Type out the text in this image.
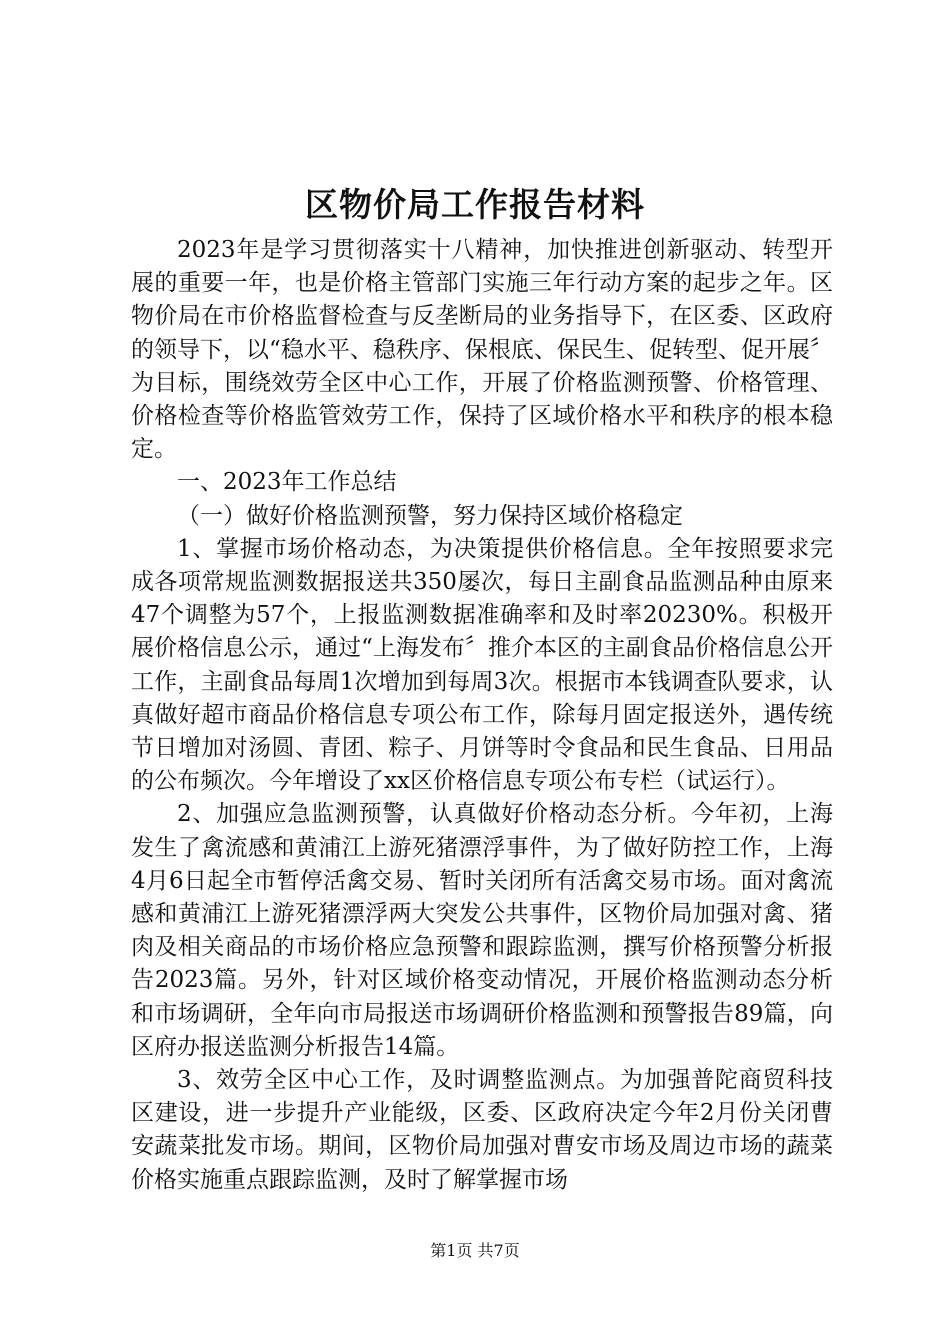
区物价局工作报告材料

2023年是学习贯彻落实十八精神，加快推进创新驱动、转型开展的重要一年，也是价格主管部门实施三年行动方案的起步之年。区物价局在市价格监督检查与反垄断局的业务指导下，在区委、区政府的领导下，以“稳水平、稳秩序、保根底、保民生、促转型、促开展〞为目标，围绕效劳全区中心工作，开展了价格监测预警、价格管理、价格检查等价格监管效劳工作，保持了区域价格水平和秩序的根本稳定。

一、2023年工作总结

（一）做好价格监测预警，努力保持区域价格稳定

1、掌握市场价格动态，为决策提供价格信息。全年按照要求完成各项常规监测数据报送共350屡次，每日主副食品监测品种由原来47个调整为57个，上报监测数据准确率和及时率20230%。积极开展价格信息公示，通过“上海发布〞推介本区的主副食品价格信息公开工作，主副食品每周1次增加到每周3次。根据市本钱调查队要求，认真做好超市商品价格信息专项公布工作，除每月固定报送外，遇传统节日增加对汤圆、青团、粽子、月饼等时令食品和民生食品、日用品的公布频次。今年增设了xx区价格信息专项公布专栏（试运行）。

2、加强应急监测预警，认真做好价格动态分析。今年初，上海发生了禽流感和黄浦江上游死猪漂浮事件，为了做好防控工作，上海4月6日起全市暂停活禽交易、暂时关闭所有活禽交易市场。面对禽流感和黄浦江上游死猪漂浮两大突发公共事件，区物价局加强对禽、猪肉及相关商品的市场价格应急预警和跟踪监测，撰写价格预警分析报告2023篇。另外，针对区域价格变动情况，开展价格监测动态分析和市场调研，全年向市局报送市场调研价格监测和预警报告89篇，向区府办报送监测分析报告14篇。

3、效劳全区中心工作，及时调整监测点。为加强普陀商贸科技区建设，进一步提升产业能级，区委、区政府决定今年2月份关闭曹安蔬菜批发市场。期间，区物价局加强对曹安市场及周边市场的蔬菜价格实施重点跟踪监测，及时了解掌握市场

第1页 共7页
